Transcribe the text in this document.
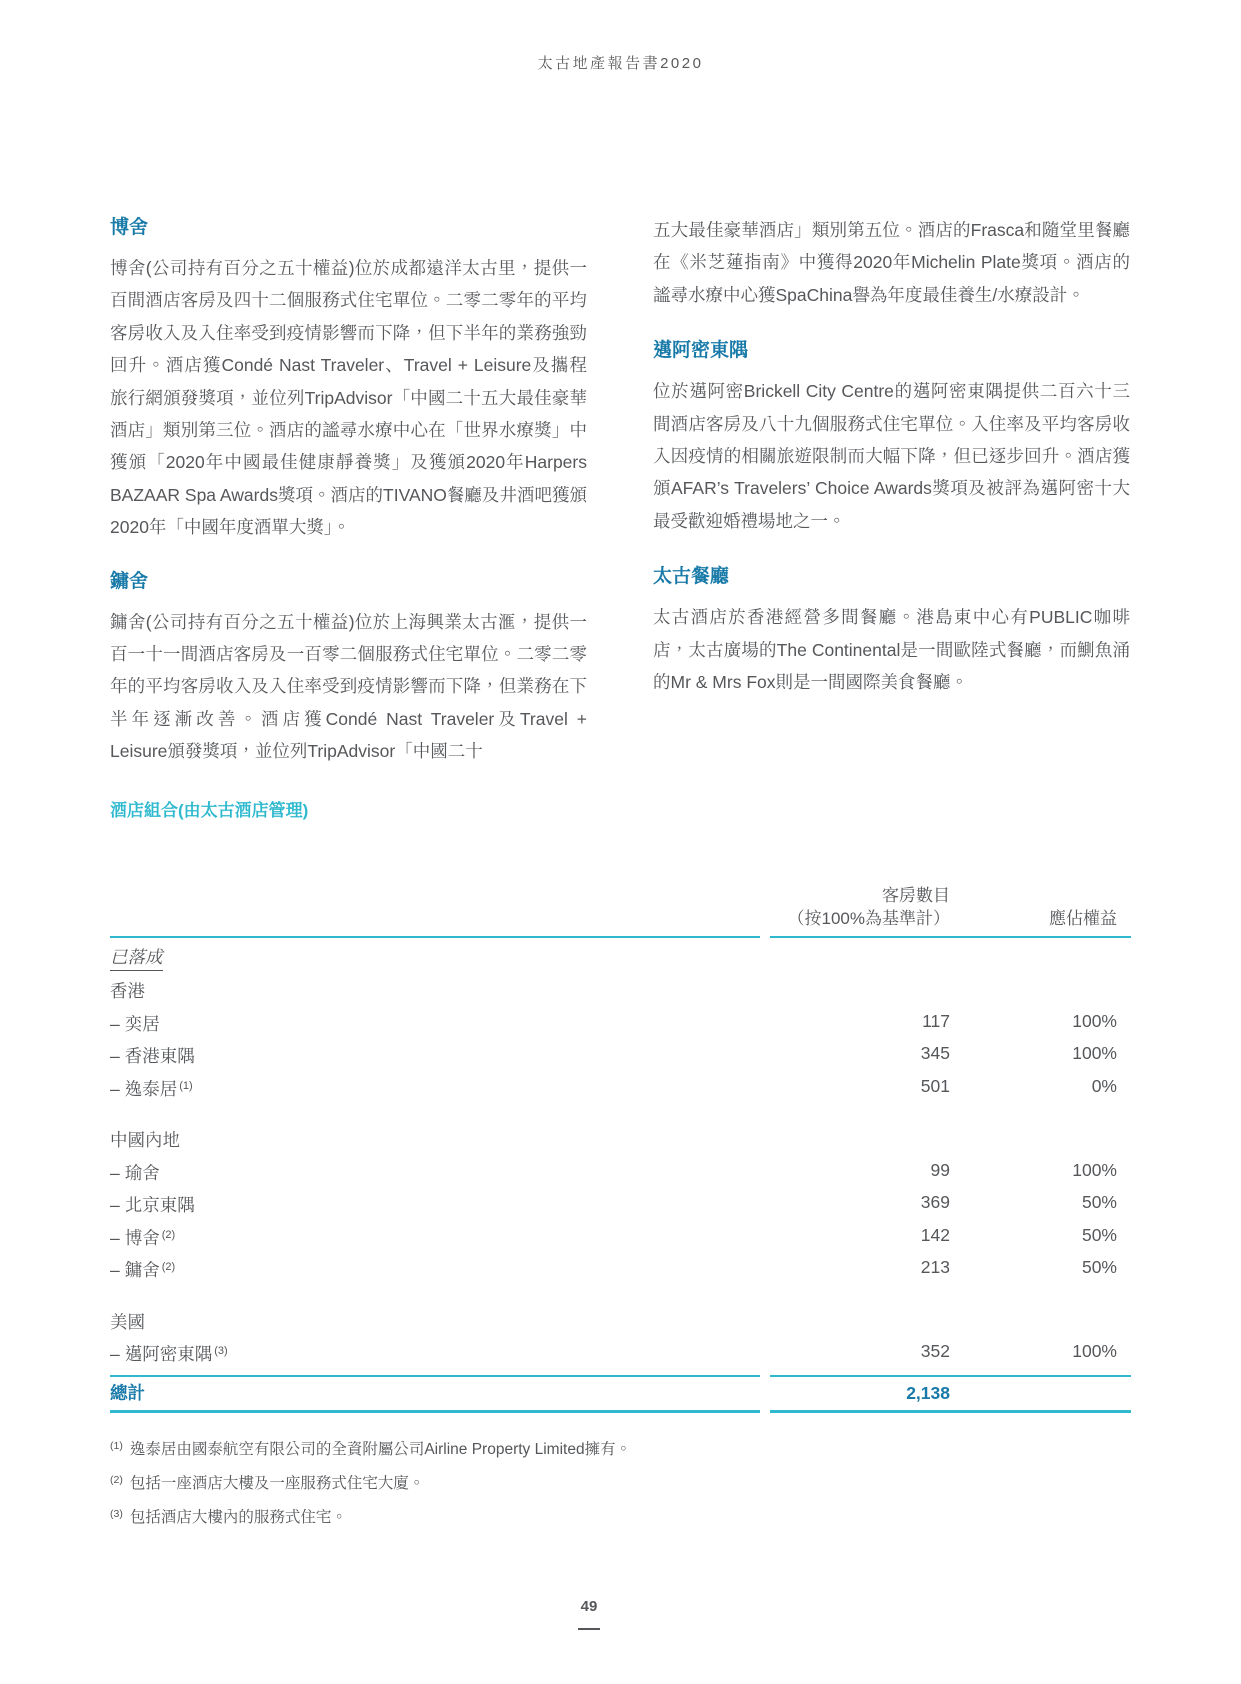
太古地產報告書2020
博舍

博舍(公司持有百分之五十權益)位於成都遠洋太古里，提供一百間酒店客房及四十二個服務式住宅單位。二零二零年的平均客房收入及入住率受到疫情影響而下降，但下半年的業務強勁回升。酒店獲Condé Nast Traveler、Travel + Leisure及攜程旅行網頒發獎項，並位列TripAdvisor「中國二十五大最佳豪華酒店」類別第三位。酒店的謐尋水療中心在「世界水療獎」中獲頒「2020年中國最佳健康靜養獎」及獲頒2020年Harpers BAZAAR Spa Awards獎項。酒店的TIVANO餐廳及井酒吧獲頒2020年「中國年度酒單大獎」。

鏞舍

鏞舍(公司持有百分之五十權益)位於上海興業太古滙，提供一百一十一間酒店客房及一百零二個服務式住宅單位。二零二零年的平均客房收入及入住率受到疫情影響而下降，但業務在下半年逐漸改善。酒店獲Condé Nast Traveler及Travel + Leisure頒發獎項，並位列TripAdvisor「中國二十

五大最佳豪華酒店」類別第五位。酒店的Frasca和隨堂里餐廳在《米芝蓮指南》中獲得2020年Michelin Plate獎項。酒店的謐尋水療中心獲SpaChina譽為年度最佳養生/水療設計。

邁阿密東隅

位於邁阿密Brickell City Centre的邁阿密東隅提供二百六十三間酒店客房及八十九個服務式住宅單位。入住率及平均客房收入因疫情的相關旅遊限制而大幅下降，但已逐步回升。酒店獲頒AFAR’s Travelers’ Choice Awards獎項及被評為邁阿密十大最受歡迎婚禮場地之一。

太古餐廳

太古酒店於香港經營多間餐廳。港島東中心有PUBLIC咖啡店，太古廣場的The Continental是一間歐陸式餐廳，而鰂魚涌的Mr & Mrs Fox則是一間國際美食餐廳。

酒店組合(由太古酒店管理)
客房數目
（按100%為基準計）	應佔權益
已落成
香港
– 奕居	117	100%
– 香港東隅	345	100%
– 逸泰居 $^{(1)}$	501	0%
中國內地
– 瑜舍	99	100%
– 北京東隅	369	50%
– 博舍 $^{(2)}$	142	50%
– 鏞舍 $^{(2)}$	213	50%
美國
– 邁阿密東隅 $^{(3)}$	352	100%
總計	2,138
$^{(1)}$ 逸泰居由國泰航空有限公司的全資附屬公司Airline Property Limited擁有。
$^{(2)}$ 包括一座酒店大樓及一座服務式住宅大廈。
$^{(3)}$ 包括酒店大樓內的服務式住宅。
49
